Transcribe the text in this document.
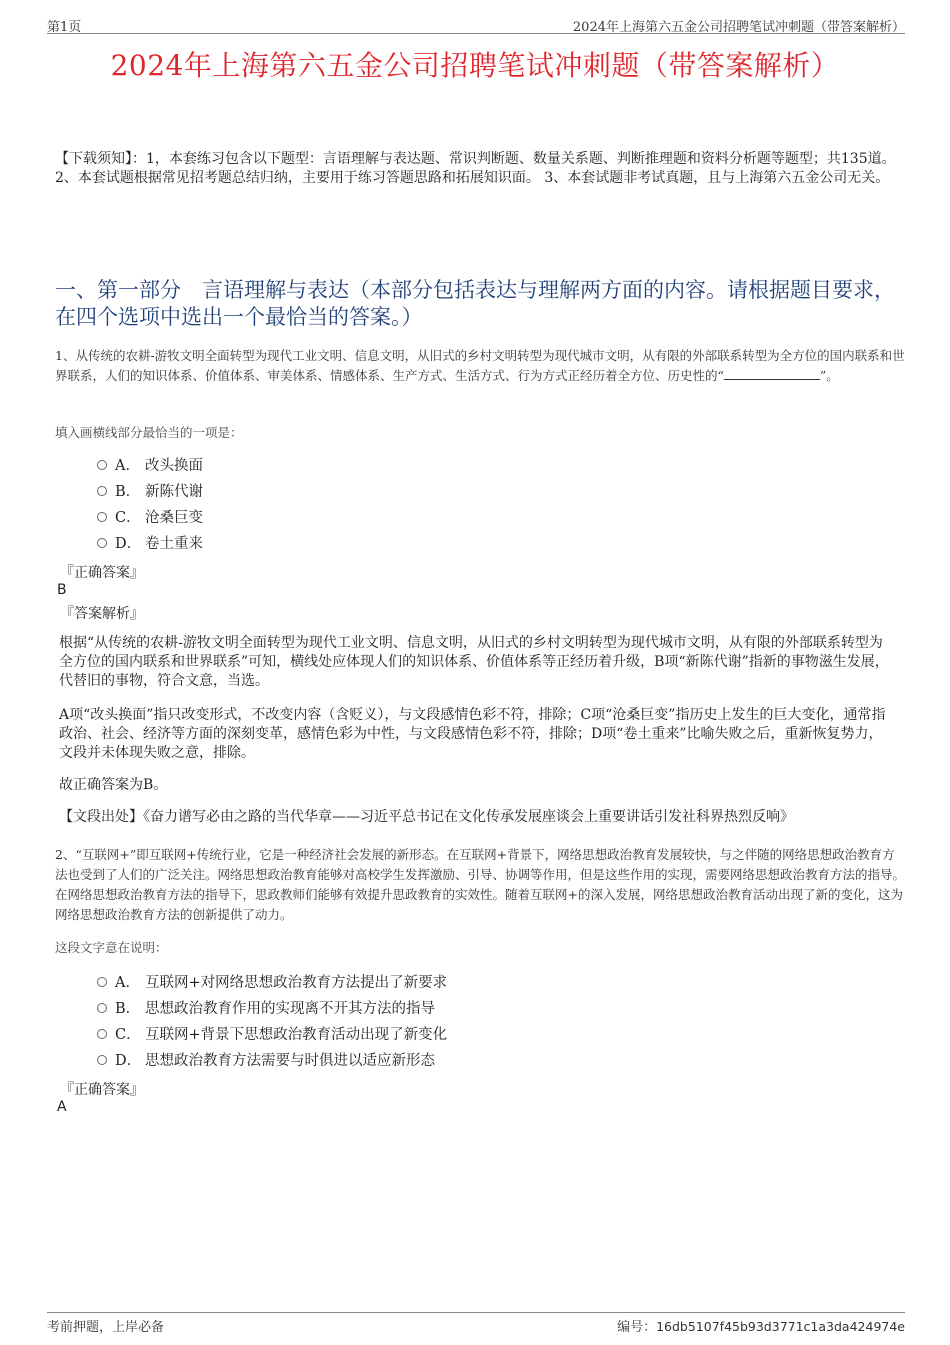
第1页	2024年上海第六五金公司招聘笔试冲刺题（带答案解析）
2024年上海第六五金公司招聘笔试冲刺题（带答案解析）
【下载须知】：1，本套练习包含以下题型：言语理解与表达题、常识判断题、数量关系题、判断推理题和资料分析题等题型；共135道。 2、本套试题根据常见招考题总结归纳，主要用于练习答题思路和拓展知识面。 3、本套试题非考试真题，且与上海第六五金公司无关。
一、第一部分　言语理解与表达（本部分包括表达与理解两方面的内容。请根据题目要求，在四个选项中选出一个最恰当的答案。）
1、从传统的农耕-游牧文明全面转型为现代工业文明、信息文明，从旧式的乡村文明转型为现代城市文明，从有限的外部联系转型为全方位的国内联系和世界联系，人们的知识体系、价值体系、审美体系、情感体系、生产方式、生活方式、行为方式正经历着全方位、历史性的“	”。
填入画横线部分最恰当的一项是：
A． 改头换面
B． 新陈代谢
C． 沧桑巨变
D． 卷土重来
『正确答案』
B
『答案解析』
根据“从传统的农耕-游牧文明全面转型为现代工业文明、信息文明，从旧式的乡村文明转型为现代城市文明，从有限的外部联系转型为全方位的国内联系和世界联系”可知，横线处应体现人们的知识体系、价值体系等正经历着升级，B项“新陈代谢”指新的事物滋生发展，代替旧的事物，符合文意，当选。
A项“改头换面”指只改变形式，不改变内容（含贬义），与文段感情色彩不符，排除；C项“沧桑巨变”指历史上发生的巨大变化，通常指政治、社会、经济等方面的深刻变革，感情色彩为中性，与文段感情色彩不符，排除；D项“卷土重来”比喻失败之后，重新恢复势力，文段并未体现失败之意，排除。
故正确答案为B。
【文段出处】《奋力谱写必由之路的当代华章——习近平总书记在文化传承发展座谈会上重要讲话引发社科界热烈反响》
2、“互联网+”即互联网+传统行业，它是一种经济社会发展的新形态。在互联网+背景下，网络思想政治教育发展较快，与之伴随的网络思想政治教育方法也受到了人们的广泛关注。网络思想政治教育能够对高校学生发挥激励、引导、协调等作用，但是这些作用的实现，需要网络思想政治教育方法的指导。在网络思想政治教育方法的指导下，思政教师们能够有效提升思政教育的实效性。随着互联网+的深入发展，网络思想政治教育活动出现了新的变化，这为网络思想政治教育方法的创新提供了动力。
这段文字意在说明：
A． 互联网+对网络思想政治教育方法提出了新要求
B． 思想政治教育作用的实现离不开其方法的指导
C． 互联网+背景下思想政治教育活动出现了新变化
D． 思想政治教育方法需要与时俱进以适应新形态
『正确答案』
A
考前押题，上岸必备	编号：16db5107f45b93d3771c1a3da424974e
